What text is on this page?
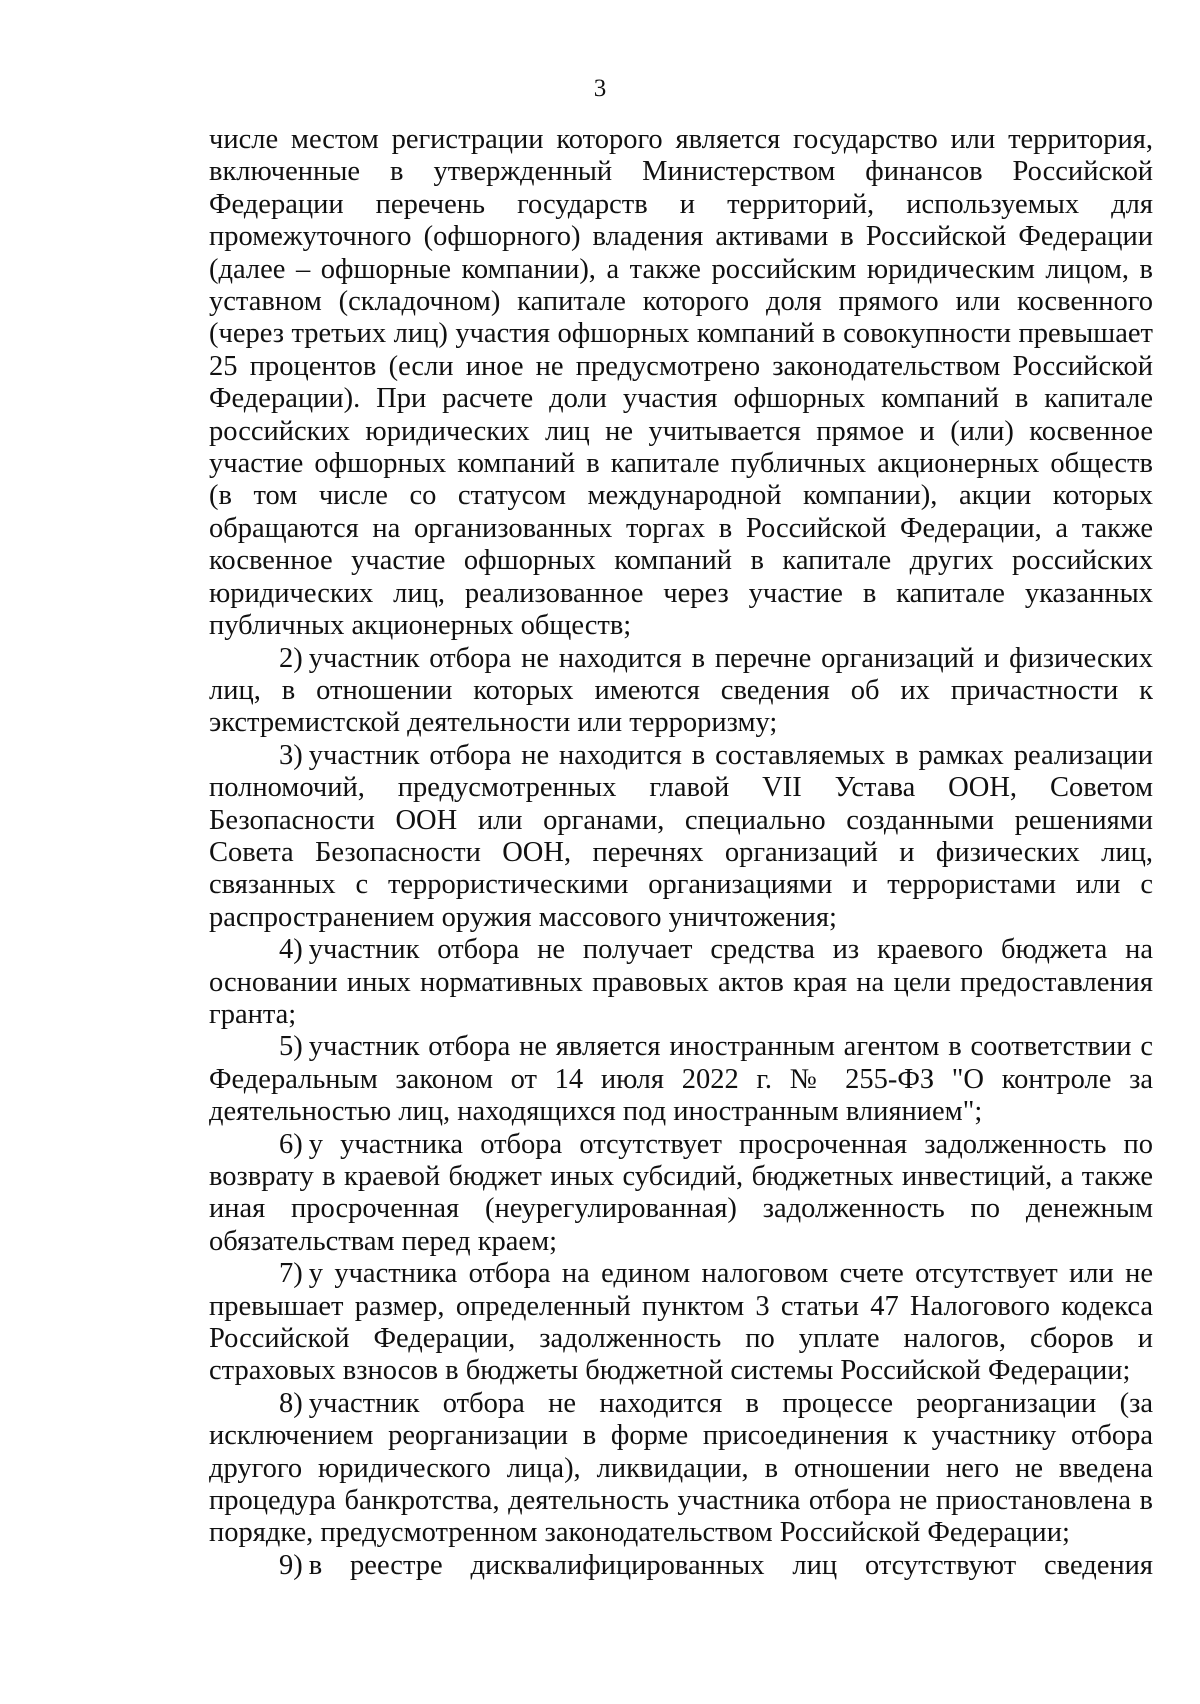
3

числе местом регистрации которого является государство или территория, включенные в утвержденный Министерством финансов Российской Федерации перечень государств и территорий, используемых для промежуточного (офшорного) владения активами в Российской Федерации (далее – офшорные компании), а также российским юридическим лицом, в уставном (складочном) капитале которого доля прямого или косвенного (через третьих лиц) участия офшорных компаний в совокупности превышает 25 процентов (если иное не предусмотрено законодательством Российской Федерации). При расчете доли участия офшорных компаний в капитале российских юридических лиц не учитывается прямое и (или) косвенное участие офшорных компаний в капитале публичных акционерных обществ (в том числе со статусом международной компании), акции которых обращаются на организованных торгах в Российской Федерации, а также косвенное участие офшорных компаний в капитале других российских юридических лиц, реализованное через участие в капитале указанных публичных акционерных обществ;

2) участник отбора не находится в перечне организаций и физических лиц, в отношении которых имеются сведения об их причастности к экстремистской деятельности или терроризму;

3) участник отбора не находится в составляемых в рамках реализации полномочий, предусмотренных главой VII Устава ООН, Советом Безопасности ООН или органами, специально созданными решениями Совета Безопасности ООН, перечнях организаций и физических лиц, связанных с террористическими организациями и террористами или с распространением оружия массового уничтожения;

4) участник отбора не получает средства из краевого бюджета на основании иных нормативных правовых актов края на цели предоставления гранта;

5) участник отбора не является иностранным агентом в соответствии с Федеральным законом от 14 июля 2022 г. № 255-ФЗ "О контроле за деятельностью лиц, находящихся под иностранным влиянием";

6) у участника отбора отсутствует просроченная задолженность по возврату в краевой бюджет иных субсидий, бюджетных инвестиций, а также иная просроченная (неурегулированная) задолженность по денежным обязательствам перед краем;

7) у участника отбора на едином налоговом счете отсутствует или не превышает размер, определенный пунктом 3 статьи 47 Налогового кодекса Российской Федерации, задолженность по уплате налогов, сборов и страховых взносов в бюджеты бюджетной системы Российской Федерации;

8) участник отбора не находится в процессе реорганизации (за исключением реорганизации в форме присоединения к участнику отбора другого юридического лица), ликвидации, в отношении него не введена процедура банкротства, деятельность участника отбора не приостановлена в порядке, предусмотренном законодательством Российской Федерации;

9) в реестре дисквалифицированных лиц отсутствуют сведения
